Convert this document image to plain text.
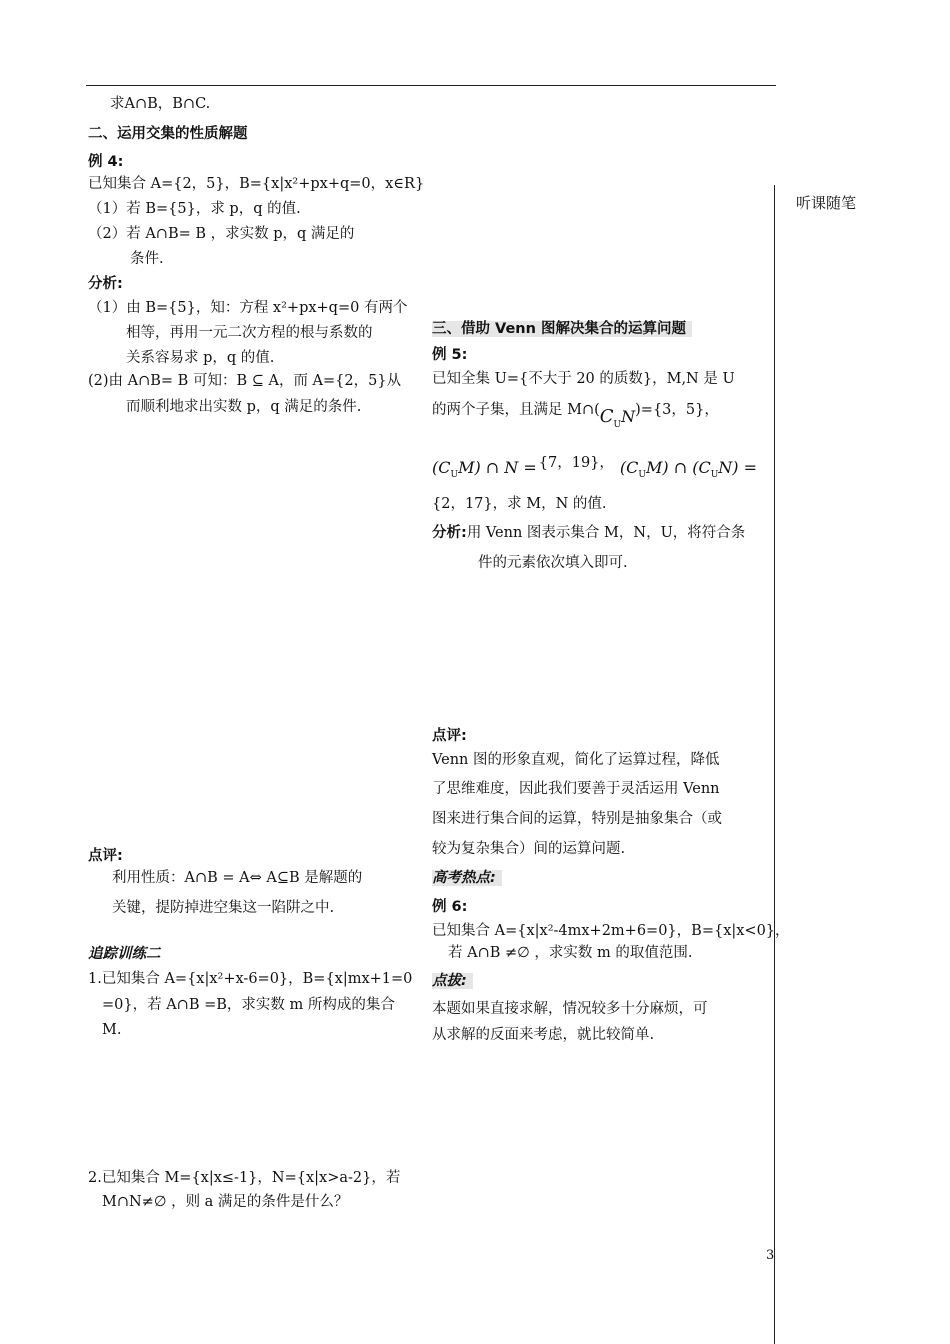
求A∩B，B∩C.
二、运用交集的性质解题
例 4:
已知集合 A={2，5}，B={x|x²+px+q=0，x∈R}
（1）若 B={5}，求 p，q 的值.
（2）若 A∩B= B ，求实数 p，q 满足的
条件.
分析:
（1）由 B={5}，知：方程 x²+px+q=0 有两个
相等，再用一元二次方程的根与系数的
关系容易求 p，q 的值.
(2)由 A∩B= B 可知：B ⊆ A，而 A={2，5}从
而顺利地求出实数 p，q 满足的条件.
点评:
利用性质：A∩B = A⇔ A⊆B 是解题的
关键，提防掉进空集这一陷阱之中.
追踪训练二
1.已知集合 A={x|x²+x-6=0}，B={x|mx+1=0
=0}，若 A∩B =B，求实数 m 所构成的集合
M.
2.已知集合 M={x|x≤-1}，N={x|x>a-2}，若
M∩N≠∅ ，则 a 满足的条件是什么？
听课随笔
3
三、借助 Venn 图解决集合的运算问题
例 5:
已知全集 U={不大于 20 的质数}，M,N 是 U
的两个子集，且满足 $M\cap(C_UN)=\{3$，5}，
$(C_UM)$ ∩ N = {7，19}， $(C_UM)$ ∩ $(C_UN)$ =
{2，17}，求 M，N 的值.
分析:用 Venn 图表示集合 M，N，U，将符合条
件的元素依次填入即可.
点评:
Venn 图的形象直观，简化了运算过程，降低
了思维难度，因此我们要善于灵活运用 Venn
图来进行集合间的运算，特别是抽象集合（或
较为复杂集合）间的运算问题.
高考热点:
例 6:
已知集合 A={x|x²-4mx+2m+6=0}，B={x|x<0}，
若 A∩B ≠∅ ，求实数 m 的取值范围.
点拔:
本题如果直接求解，情况较多十分麻烦，可
从求解的反面来考虑，就比较简单.
